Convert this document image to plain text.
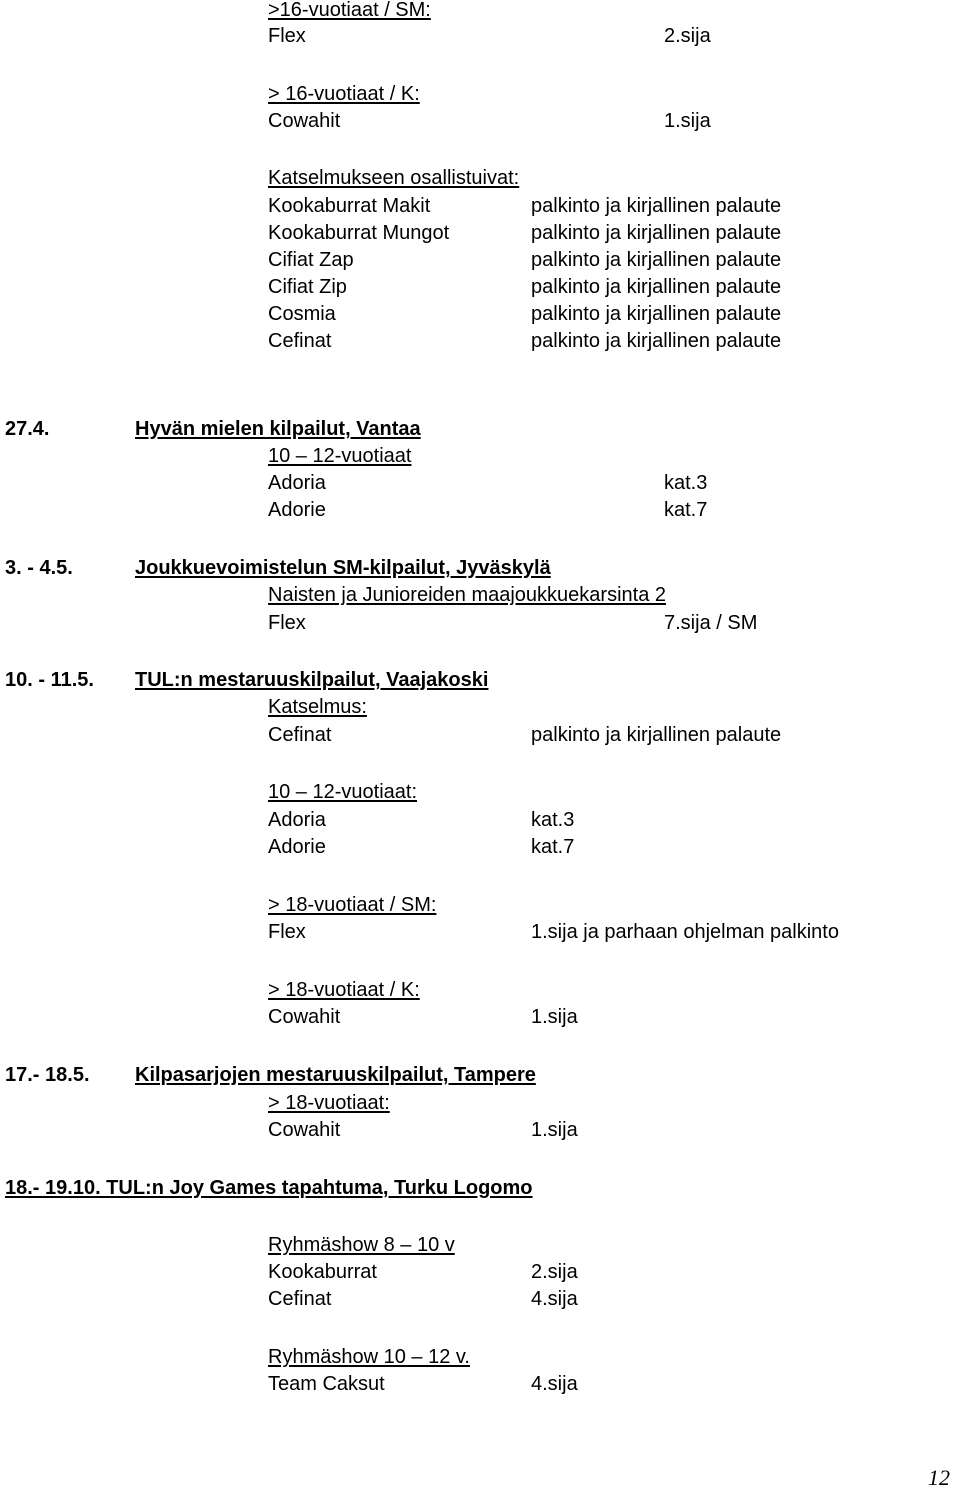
>16-vuotiaat / SM:
Flex	2.sija
> 16-vuotiaat / K:
Cowahit	1.sija
Katselmukseen osallistuivat:
Kookaburrat Makit	palkinto ja kirjallinen palaute
Kookaburrat Mungot	palkinto ja kirjallinen palaute
Cifiat Zap	palkinto ja kirjallinen palaute
Cifiat Zip	palkinto ja kirjallinen palaute
Cosmia	palkinto ja kirjallinen palaute
Cefinat	palkinto ja kirjallinen palaute
27.4.	Hyvän mielen kilpailut, Vantaa
10 – 12-vuotiaat
Adoria	kat.3
Adorie	kat.7
3. - 4.5.	Joukkuevoimistelun SM-kilpailut, Jyväskylä
Naisten ja Junioreiden maajoukkuekarsinta 2
Flex	7.sija / SM
10. - 11.5. TUL:n mestaruuskilpailut, Vaajakoski
Katselmus:
Cefinat	palkinto ja kirjallinen palaute
10 – 12-vuotiaat:
Adoria	kat.3
Adorie	kat.7
> 18-vuotiaat / SM:
Flex	1.sija ja parhaan ohjelman palkinto
> 18-vuotiaat / K:
Cowahit	1.sija
17.- 18.5. Kilpasarjojen mestaruuskilpailut, Tampere
> 18-vuotiaat:
Cowahit	1.sija
18.- 19.10. TUL:n Joy Games tapahtuma, Turku Logomo
Ryhmäshow 8 – 10 v
Kookaburrat	2.sija
Cefinat	4.sija
Ryhmäshow 10 – 12 v.
Team Caksut	4.sija
12
